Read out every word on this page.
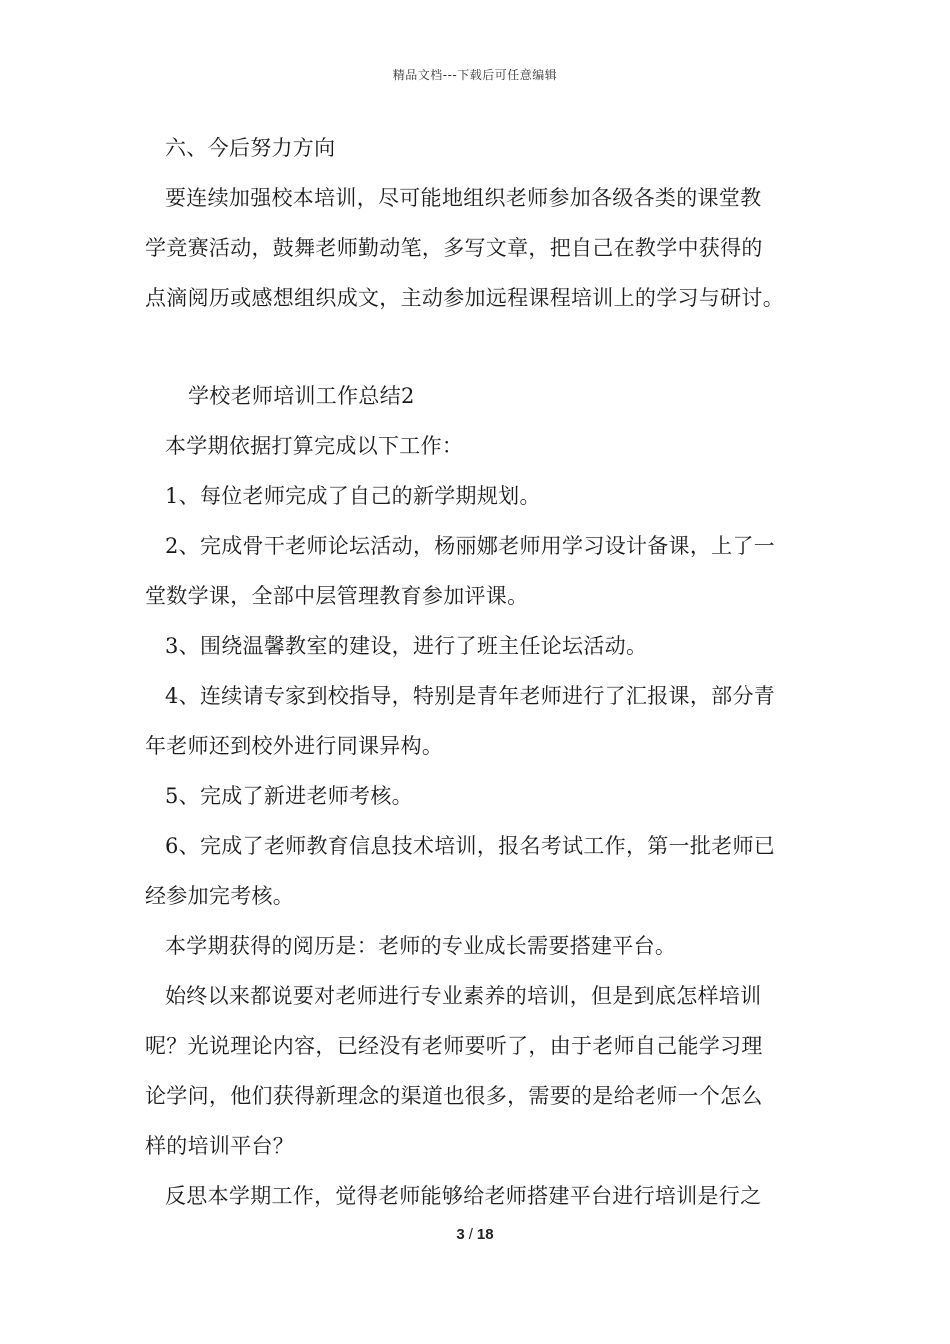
精品文档---下载后可任意编辑
六、今后努力方向
要连续加强校本培训，尽可能地组织老师参加各级各类的课堂教
学竞赛活动，鼓舞老师勤动笔，多写文章，把自己在教学中获得的
点滴阅历或感想组织成文，主动参加远程课程培训上的学习与研讨。
学校老师培训工作总结2
本学期依据打算完成以下工作：
1、每位老师完成了自己的新学期规划。
2、完成骨干老师论坛活动，杨丽娜老师用学习设计备课，上了一
堂数学课，全部中层管理教育参加评课。
3、围绕温馨教室的建设，进行了班主任论坛活动。
4、连续请专家到校指导，特别是青年老师进行了汇报课，部分青
年老师还到校外进行同课异构。
5、完成了新进老师考核。
6、完成了老师教育信息技术培训，报名考试工作，第一批老师已
经参加完考核。
本学期获得的阅历是：老师的专业成长需要搭建平台。
始终以来都说要对老师进行专业素养的培训，但是到底怎样培训
呢？光说理论内容，已经没有老师要听了，由于老师自己能学习理
论学问，他们获得新理念的渠道也很多，需要的是给老师一个怎么
样的培训平台？
反思本学期工作，觉得老师能够给老师搭建平台进行培训是行之
3 / 18
